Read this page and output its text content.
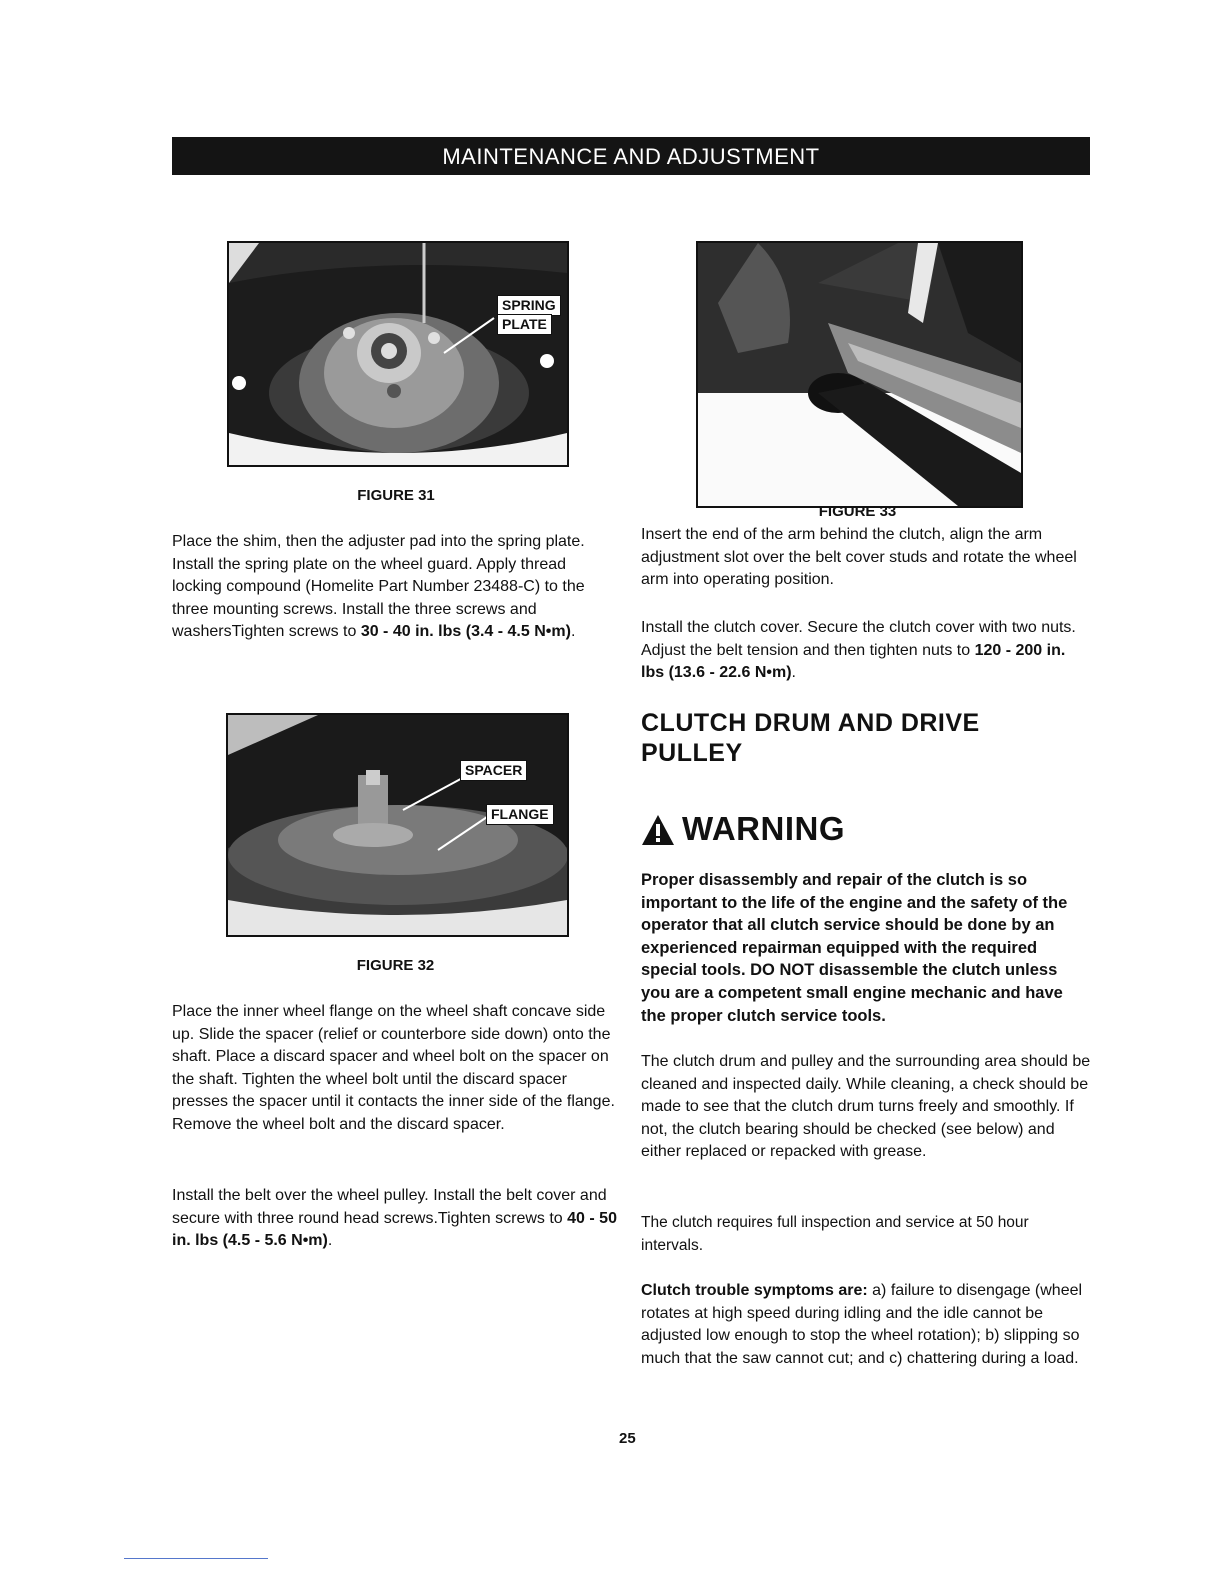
MAINTENANCE AND ADJUSTMENT
SPRING
PLATE
FIGURE 31
Place the shim, then the adjuster pad into the spring plate. Install the spring plate on the wheel guard. Apply thread locking compound (Homelite Part Number 23488-C) to the three mounting screws. Install the three screws and washersTighten screws to 30 - 40 in. lbs (3.4 - 4.5 N•m).
SPACER
FLANGE
FIGURE 32
Place the inner wheel flange on the wheel shaft concave side up. Slide the spacer (relief or counterbore side down) onto the shaft. Place a discard spacer and wheel bolt on the spacer on the shaft. Tighten the wheel bolt until the discard spacer presses the spacer until it contacts the inner side of the flange. Remove the wheel bolt and the discard spacer.
Install the belt over the wheel pulley. Install the belt cover and secure with three round head screws.Tighten screws to 40 - 50 in. lbs (4.5 - 5.6 N•m).
FIGURE 33
Insert the end of the arm behind the clutch, align the arm adjustment slot over the belt cover studs and rotate the wheel arm into operating position.
Install the clutch cover. Secure the clutch cover with two nuts. Adjust the belt tension and then tighten nuts to 120 - 200 in. lbs (13.6 - 22.6 N•m).
CLUTCH DRUM AND DRIVE
PULLEY
WARNING
Proper disassembly and repair of the clutch is so important to the life of the engine and the safety of the operator that all clutch service should be done by an experienced repairman equipped with the required special tools. DO NOT disassemble the clutch unless you are a competent small engine mechanic and have the proper clutch service tools.
The clutch drum and pulley and the surrounding area should be cleaned and inspected daily. While cleaning, a check should be made to see that the clutch drum turns freely and smoothly. If not, the clutch bearing should be checked (see below) and either replaced or repacked with grease.
The clutch requires full inspection and service at 50 hour intervals.
Clutch trouble symptoms are: a) failure to disengage (wheel rotates at high speed during idling and the idle cannot be adjusted low enough to stop the wheel rotation); b) slipping so much that the saw cannot cut; and c) chattering during a load.
25
